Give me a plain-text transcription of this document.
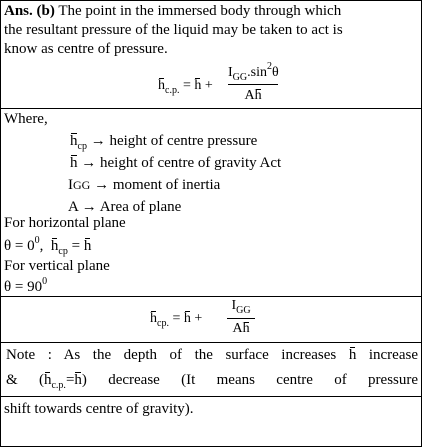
Ans. (b) The point in the immersed body through which
the resultant pressure of the liquid may be taken to act is
know as centre of pressure.
$h_{c.p.} = h$ +
$I_{GG}.\sin^2\theta$
Ah
Where,
$h_{cp}$ → height of centre pressure
h → height of centre of gravity Act
IGG → moment of inertia
A → Area of plane
For horizontal plane
$\theta = 0^0$, $h_{cp} = h$
For vertical plane
$\theta = 90^0$
$h_{cp.} = h$ +
$I_{GG}$
Ah
Note : As the depth of the surface increases h increase
& $(h_{c.p.}=h)$ decrease (It means centre of pressure
shift towards centre of gravity).
